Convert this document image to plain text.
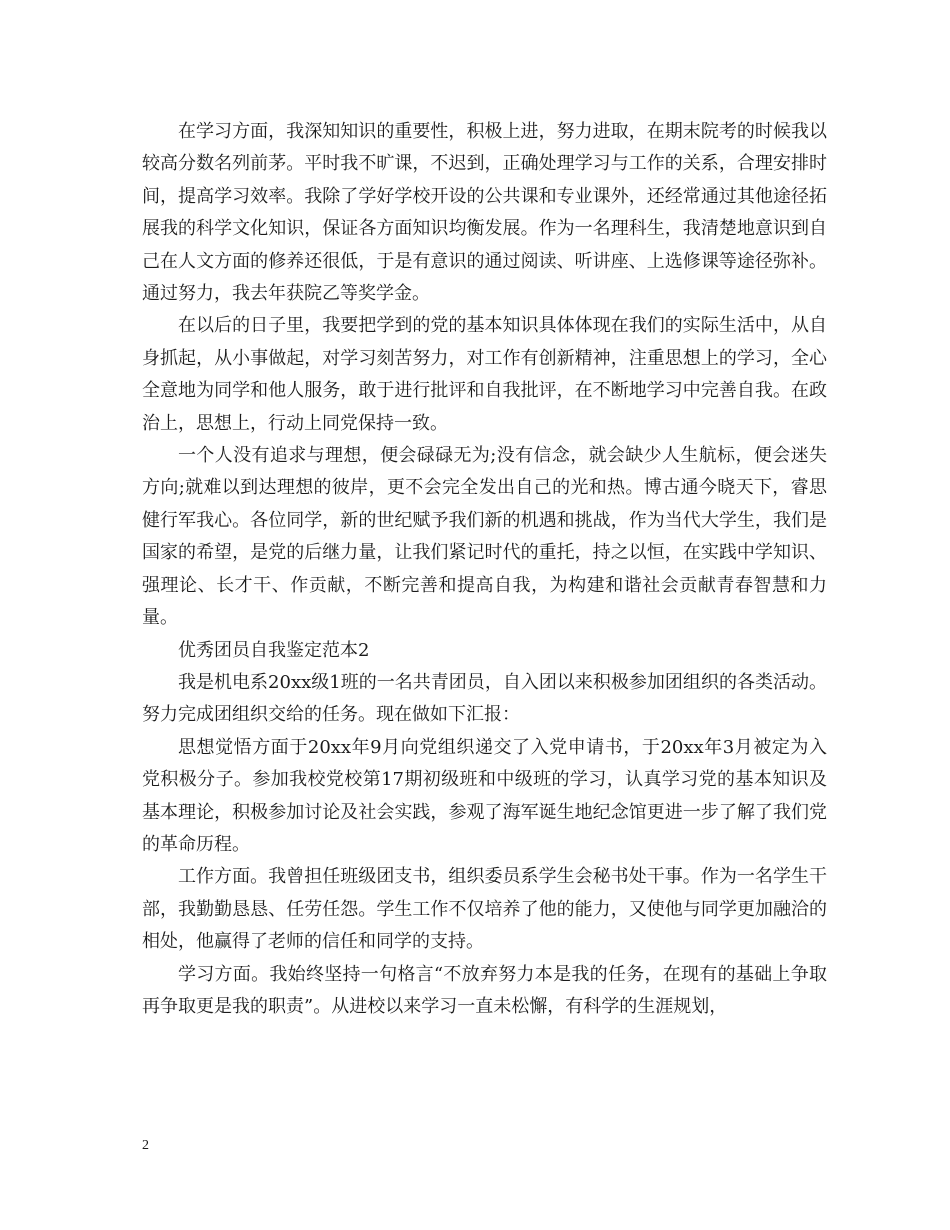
在学习方面，我深知知识的重要性，积极上进，努力进取，在期末院考的时候我以较高分数名列前茅。平时我不旷课，不迟到，正确处理学习与工作的关系，合理安排时间，提高学习效率。我除了学好学校开设的公共课和专业课外，还经常通过其他途径拓展我的科学文化知识，保证各方面知识均衡发展。作为一名理科生，我清楚地意识到自己在人文方面的修养还很低，于是有意识的通过阅读、听讲座、上选修课等途径弥补。通过努力，我去年获院乙等奖学金。

在以后的日子里，我要把学到的党的基本知识具体体现在我们的实际生活中，从自身抓起，从小事做起，对学习刻苦努力，对工作有创新精神，注重思想上的学习，全心全意地为同学和他人服务，敢于进行批评和自我批评，在不断地学习中完善自我。在政治上，思想上，行动上同党保持一致。

一个人没有追求与理想，便会碌碌无为;没有信念，就会缺少人生航标，便会迷失方向;就难以到达理想的彼岸，更不会完全发出自己的光和热。博古通今晓天下，睿思健行军我心。各位同学，新的世纪赋予我们新的机遇和挑战，作为当代大学生，我们是国家的希望，是党的后继力量，让我们紧记时代的重托，持之以恒，在实践中学知识、强理论、长才干、作贡献，不断完善和提高自我，为构建和谐社会贡献青春智慧和力量。

优秀团员自我鉴定范本2

我是机电系20xx级1班的一名共青团员，自入团以来积极参加团组织的各类活动。努力完成团组织交给的任务。现在做如下汇报：

思想觉悟方面于20xx年9月向党组织递交了入党申请书，于20xx年3月被定为入党积极分子。参加我校党校第17期初级班和中级班的学习，认真学习党的基本知识及基本理论，积极参加讨论及社会实践，参观了海军诞生地纪念馆更进一步了解了我们党的革命历程。

工作方面。我曾担任班级团支书，组织委员系学生会秘书处干事。作为一名学生干部，我勤勤恳恳、任劳任怨。学生工作不仅培养了他的能力，又使他与同学更加融洽的相处，他赢得了老师的信任和同学的支持。

学习方面。我始终坚持一句格言“不放弃努力本是我的任务，在现有的基础上争取再争取更是我的职责”。从进校以来学习一直未松懈，有科学的生涯规划，

2
